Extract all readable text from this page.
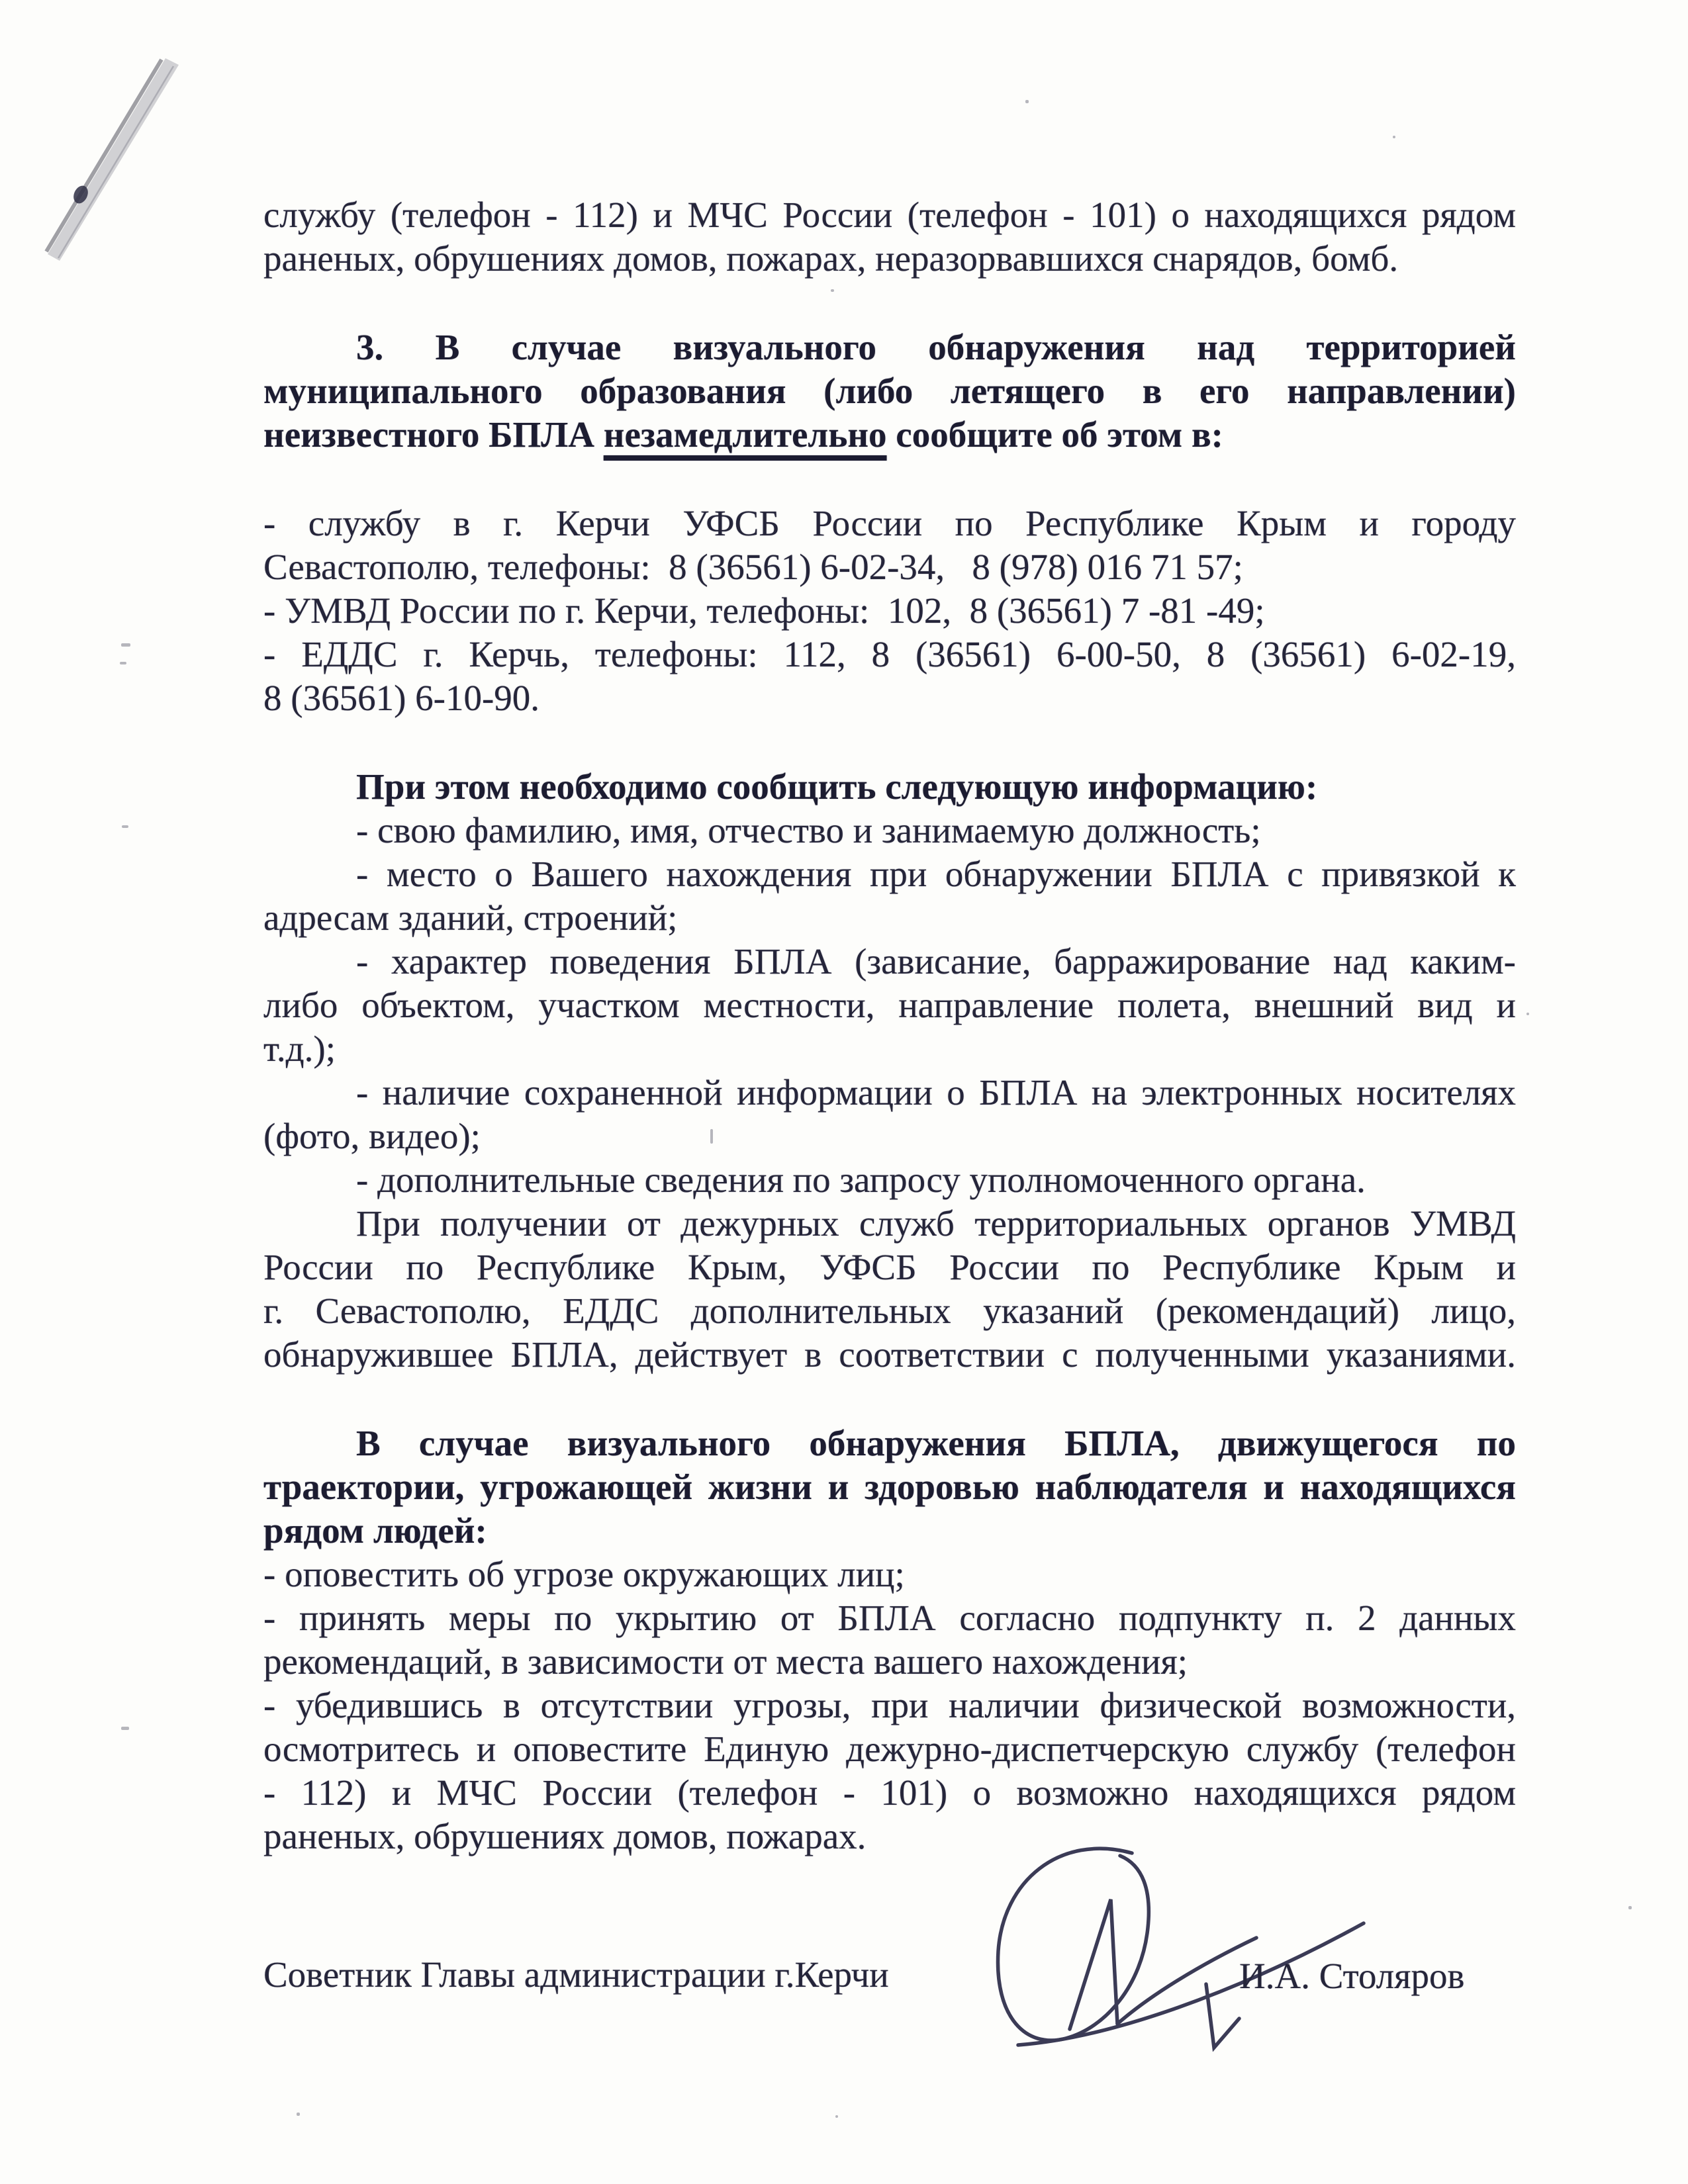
службу (телефон - 112) и МЧС России (телефон - 101) о находящихся рядом
раненых, обрушениях домов, пожарах, неразорвавшихся снарядов, бомб.
3. В случае визуального обнаружения над территорией
муниципального образования (либо летящего в его направлении)
неизвестного БПЛА незамедлительно сообщите об этом в:
- службу в г. Керчи УФСБ России по Республике Крым и городу
Севастополю, телефоны:  8 (36561) 6-02-34,   8 (978) 016 71 57;
- УМВД России по г. Керчи, телефоны:  102,  8 (36561) 7 -81 -49;
- ЕДДС г. Керчь, телефоны: 112, 8 (36561) 6-00-50, 8 (36561) 6-02-19,
8 (36561) 6-10-90.
При этом необходимо сообщить следующую информацию:
- свою фамилию, имя, отчество и занимаемую должность;
- место о Вашего нахождения при обнаружении БПЛА с привязкой к
адресам зданий, строений;
- характер поведения БПЛА (зависание, барражирование над каким-
либо объектом, участком местности, направление полета, внешний вид и
т.д.);
- наличие сохраненной информации о БПЛА на электронных носителях
(фото, видео);
- дополнительные сведения по запросу уполномоченного органа.
При получении от дежурных служб территориальных органов УМВД
России по Республике Крым, УФСБ России по Республике Крым и
г. Севастополю, ЕДДС дополнительных указаний (рекомендаций) лицо,
обнаружившее БПЛА, действует в соответствии с полученными указаниями.
В случае визуального обнаружения БПЛА, движущегося по
траектории, угрожающей жизни и здоровью наблюдателя и находящихся
рядом людей:
- оповестить об угрозе окружающих лиц;
- принять меры по укрытию от БПЛА согласно подпункту п. 2 данных
рекомендаций, в зависимости от места вашего нахождения;
- убедившись в отсутствии угрозы, при наличии физической возможности,
осмотритесь и оповестите Единую дежурно-диспетчерскую службу (телефон
- 112) и МЧС России (телефон - 101) о возможно находящихся рядом
раненых, обрушениях домов, пожарах.
Советник Главы администрации г.Керчи	И.А. Столяров
